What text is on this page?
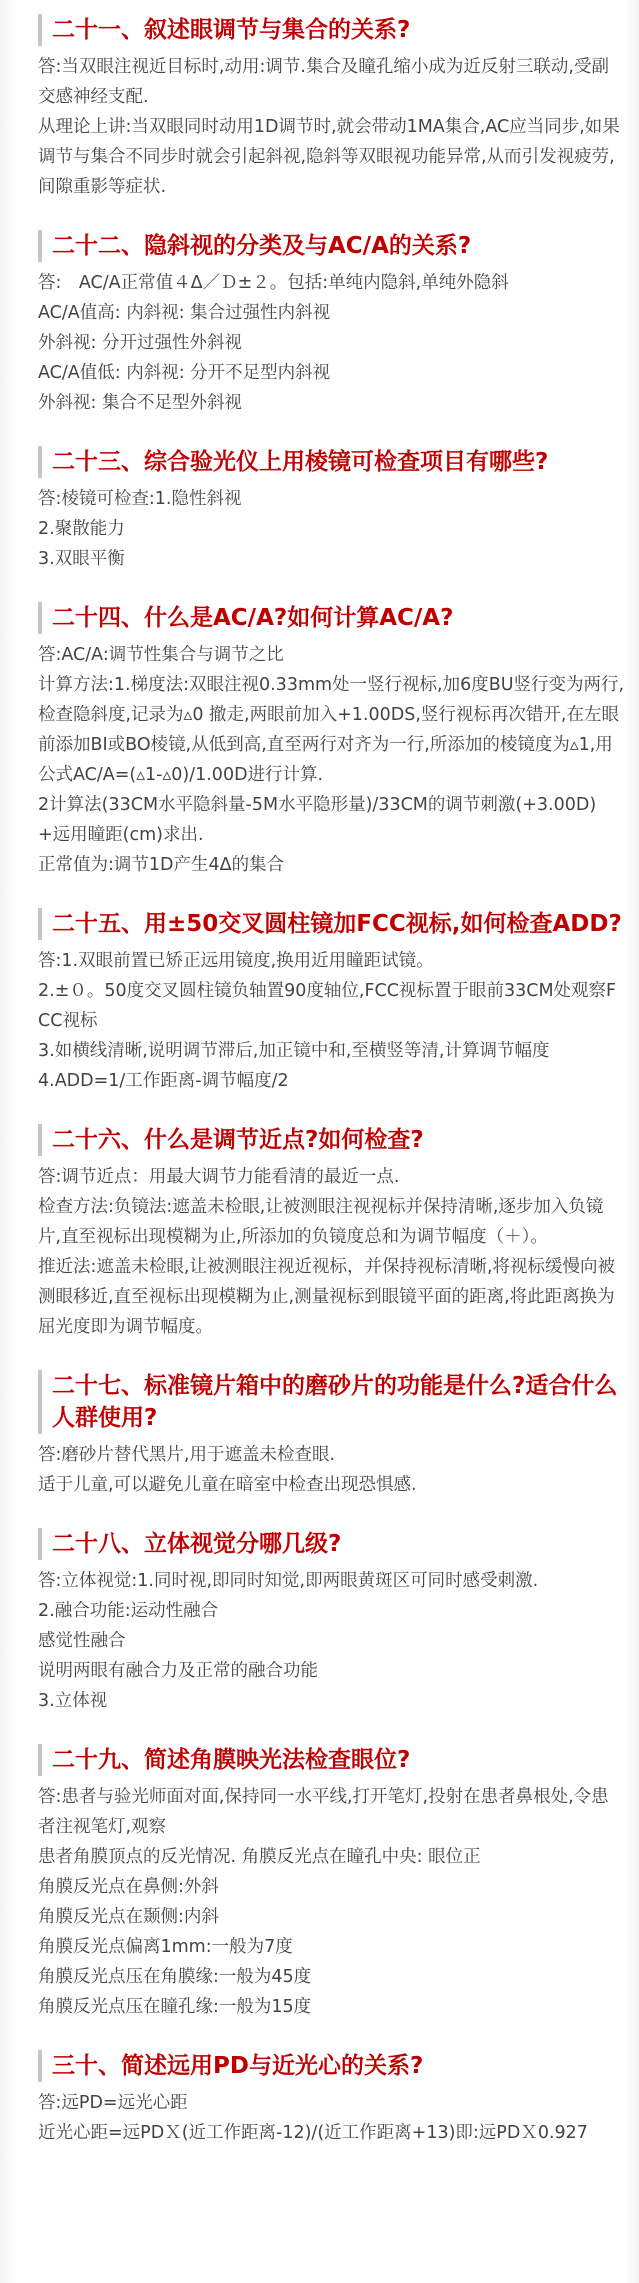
二十一、叙述眼调节与集合的关系?

答:当双眼注视近目标时,动用:调节.集合及瞳孔缩小成为近反射三联动,受副交感神经支配.

从理论上讲:当双眼同时动用1D调节时,就会带动1MA集合,AC应当同步,如果调节与集合不同步时就会引起斜视,隐斜等双眼视功能异常,从而引发视疲劳,间隙重影等症状.

二十二、隐斜视的分类及与AC/A的关系?

答:　AC/A正常值４Δ／Ｄ±２。包括:单纯内隐斜,单纯外隐斜

AC/A值高: 内斜视: 集合过强性内斜视

外斜视: 分开过强性外斜视

AC/A值低: 内斜视: 分开不足型内斜视

外斜视: 集合不足型外斜视

二十三、综合验光仪上用棱镜可检查项目有哪些?

答:棱镜可检查:1.隐性斜视

2.聚散能力

3.双眼平衡

二十四、什么是AC/A?如何计算AC/A?

答:AC/A:调节性集合与调节之比

计算方法:1.梯度法:双眼注视0.33mm处一竖行视标,加6度BU竖行变为两行,检查隐斜度,记录为▵0 撤走,两眼前加入+1.00DS,竖行视标再次错开,在左眼前添加BI或BO棱镜,从低到高,直至两行对齐为一行,所添加的棱镜度为▵1,用公式AC/A=(▵1-▵0)/1.00D进行计算.

2计算法(33CM水平隐斜量-5M水平隐形量)/33CM的调节刺激(+3.00D)+远用瞳距(cm)求出.

正常值为:调节1D产生4Δ的集合

二十五、用±50交叉圆柱镜加FCC视标,如何检查ADD?

答:1.双眼前置已矫正远用镜度,换用近用瞳距试镜。

2.±０。50度交叉圆柱镜负轴置90度轴位,FCC视标置于眼前33CM处观察FCC视标

3.如横线清晰,说明调节滞后,加正镜中和,至横竖等清,计算调节幅度

4.ADD=1/工作距离-调节幅度/2

二十六、什么是调节近点?如何检查?

答:调节近点：用最大调节力能看清的最近一点.

检查方法:负镜法:遮盖未检眼,让被测眼注视视标并保持清晰,逐步加入负镜片,直至视标出现模糊为止,所添加的负镜度总和为调节幅度（＋）。

推近法:遮盖未检眼,让被测眼注视近视标，并保持视标清晰,将视标缓慢向被测眼移近,直至视标出现模糊为止,测量视标到眼镜平面的距离,将此距离换为屈光度即为调节幅度。

二十七、标准镜片箱中的磨砂片的功能是什么?适合什么人群使用?

答:磨砂片替代黑片,用于遮盖未检查眼.

适于儿童,可以避免儿童在暗室中检查出现恐惧感.

二十八、立体视觉分哪几级?

答:立体视觉:1.同时视,即同时知觉,即两眼黄斑区可同时感受刺激.

2.融合功能:运动性融合

感觉性融合

说明两眼有融合力及正常的融合功能

3.立体视

二十九、简述角膜映光法检查眼位?

答:患者与验光师面对面,保持同一水平线,打开笔灯,投射在患者鼻根处,令患者注视笔灯,观察

患者角膜顶点的反光情况. 角膜反光点在瞳孔中央: 眼位正

角膜反光点在鼻侧:外斜

角膜反光点在颞侧:内斜

角膜反光点偏离1mm:一般为7度

角膜反光点压在角膜缘:一般为45度

角膜反光点压在瞳孔缘:一般为15度

三十、简述远用PD与近光心的关系?

答:远PD=远光心距

近光心距=远PDＸ(近工作距离-12)/(近工作距离+13)即:远PDＸ0.927
